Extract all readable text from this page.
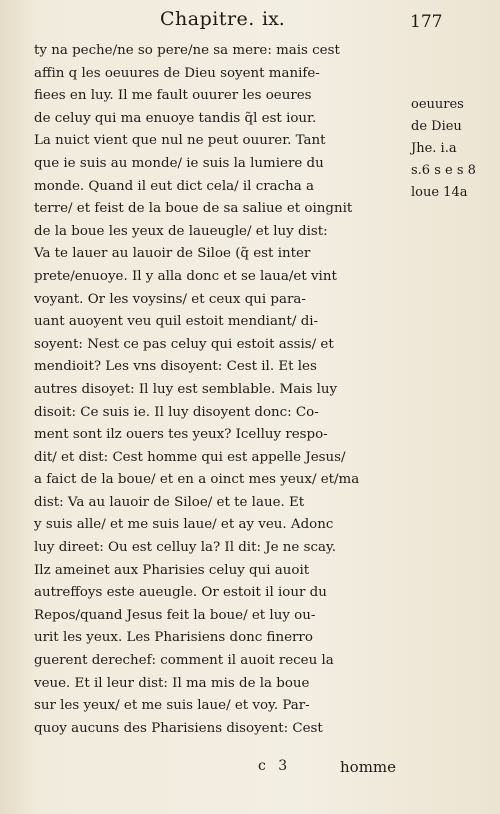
Chapitre. ix.	177
ty na peche/ne so pere/ne sa mere: mais cest
affin q les oeuures de Dieu soyent manife-
fiees en luy. Il me fault ouurer les oeures
de celuy qui ma enuoye tandis q̃l est iour.
La nuict vient que nul ne peut ouurer. Tant
que ie suis au monde/ ie suis la lumiere du
monde. Quand il eut dict cela/ il cracha a
terre/ et feist de la boue de sa saliue et oingnit
de la boue les yeux de laueugle/ et luy dist:
Va te lauer au lauoir de Siloe (q̃ est inter
prete/enuoye. Il y alla donc et se laua/et vint
voyant. Or les voysins/ et ceux qui para-
uant auoyent veu quil estoit mendiant/ di-
soyent: Nest ce pas celuy qui estoit assis/ et
mendioit? Les vns disoyent: Cest il. Et les
autres disoyet: Il luy est semblable. Mais luy
disoit: Ce suis ie. Il luy disoyent donc: Co-
ment sont ilz ouers tes yeux? Icelluy respo-
dit/ et dist: Cest homme qui est appelle Jesus/
a faict de la boue/ et en a oinct mes yeux/ et/ma
dist: Va au lauoir de Siloe/ et te laue. Et
y suis alle/ et me suis laue/ et ay veu. Adonc
luy direet: Ou est celluy la? Il dit: Je ne scay.
Ilz ameinet aux Pharisies celuy qui auoit
autreffoys este aueugle. Or estoit il iour du
Repos/quand Jesus feit la boue/ et luy ou-
urit les yeux. Les Pharisiens donc finerro
guerent derechef: comment il auoit receu la
veue. Et il leur dist: Il ma mis de la boue
sur les yeux/ et me suis laue/ et voy. Par-
quoy aucuns des Pharisiens disoyent: Cest
oeuures
de Dieu
Jhe. i.a
s.6 s e s 8
loue 14a
c 3	homme
